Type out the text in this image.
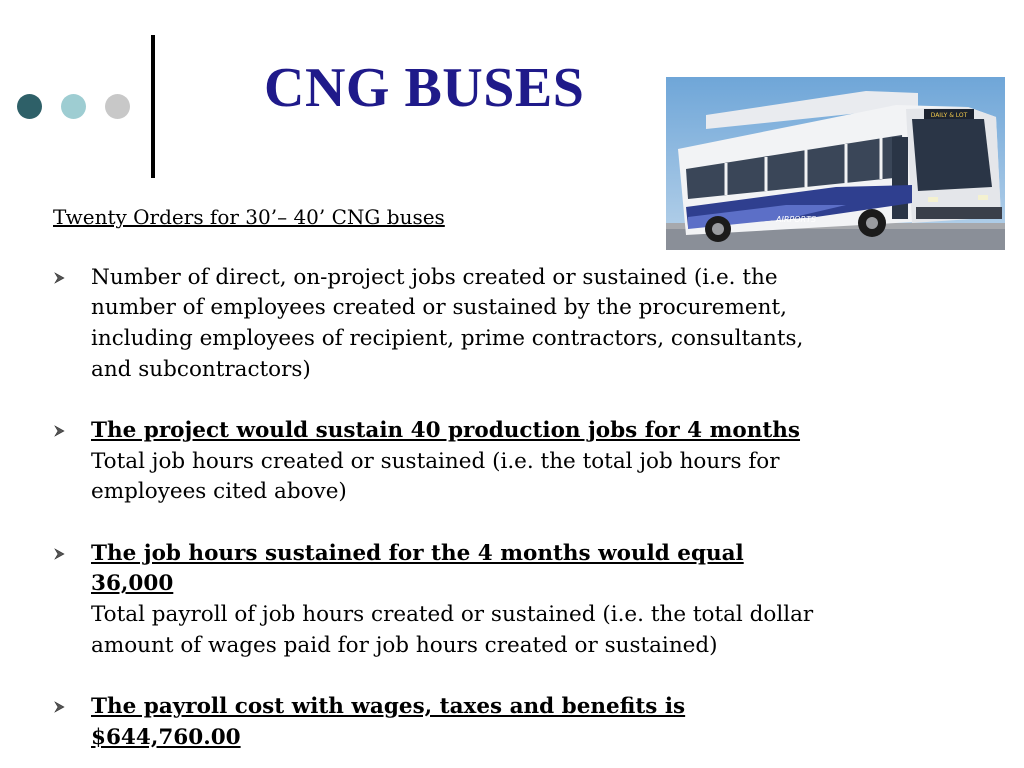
CNG BUSES	DAILY & LOT
AIRPORTS

Twenty Orders for 30’– 40’ CNG buses

Number of direct, on-project jobs created or sustained (i.e. the number of employees created or sustained by the procurement, including employees of recipient, prime contractors, consultants, and subcontractors)
The project would sustain 40 production jobs for 4 months
Total job hours created or sustained (i.e. the total job hours for employees cited above)
The job hours sustained for the 4 months would equal 36,000
Total payroll of job hours created or sustained (i.e. the total dollar amount of wages paid for job hours created or sustained)
The payroll cost with wages, taxes and benefits is $644,760.00
